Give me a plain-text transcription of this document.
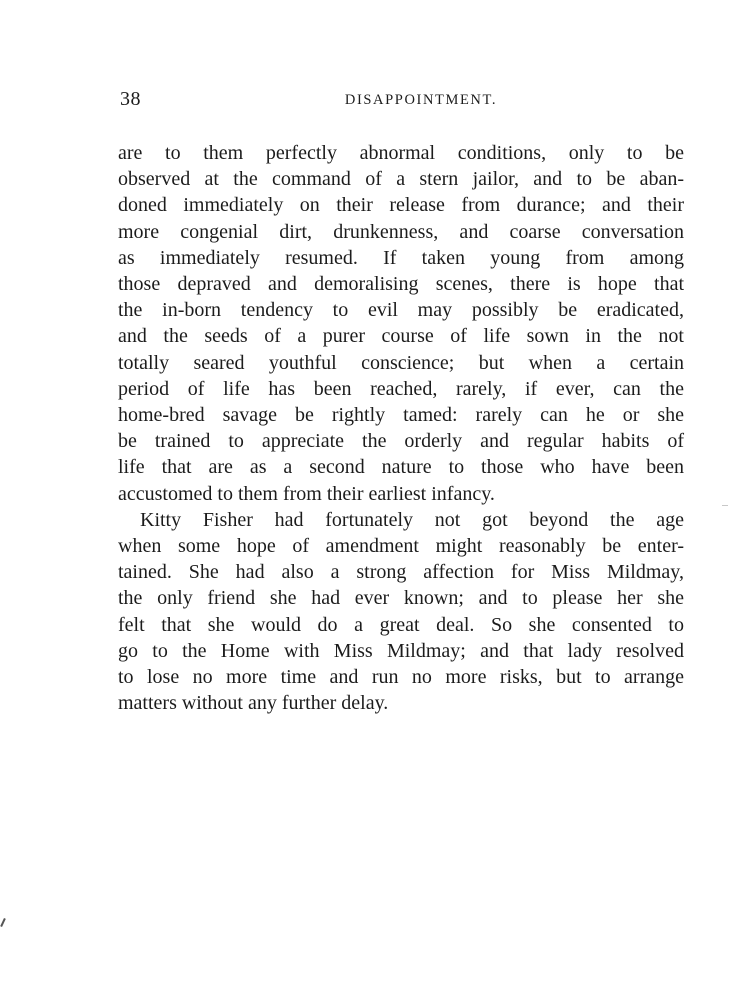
38	DISAPPOINTMENT.

are to them perfectly abnormal conditions, only to be
observed at the command of a stern jailor, and to be aban-
doned immediately on their release from durance; and their
more congenial dirt, drunkenness, and coarse conversation
as immediately resumed. If taken young from among
those depraved and demoralising scenes, there is hope that
the in-born tendency to evil may possibly be eradicated,
and the seeds of a purer course of life sown in the not
totally seared youthful conscience; but when a certain
period of life has been reached, rarely, if ever, can the
home-bred savage be rightly tamed: rarely can he or she
be trained to appreciate the orderly and regular habits of
life that are as a second nature to those who have been
accustomed to them from their earliest infancy.

Kitty Fisher had fortunately not got beyond the age
when some hope of amendment might reasonably be enter-
tained. She had also a strong affection for Miss Mildmay,
the only friend she had ever known; and to please her she
felt that she would do a great deal. So she consented to
go to the Home with Miss Mildmay; and that lady resolved
to lose no more time and run no more risks, but to arrange
matters without any further delay.
